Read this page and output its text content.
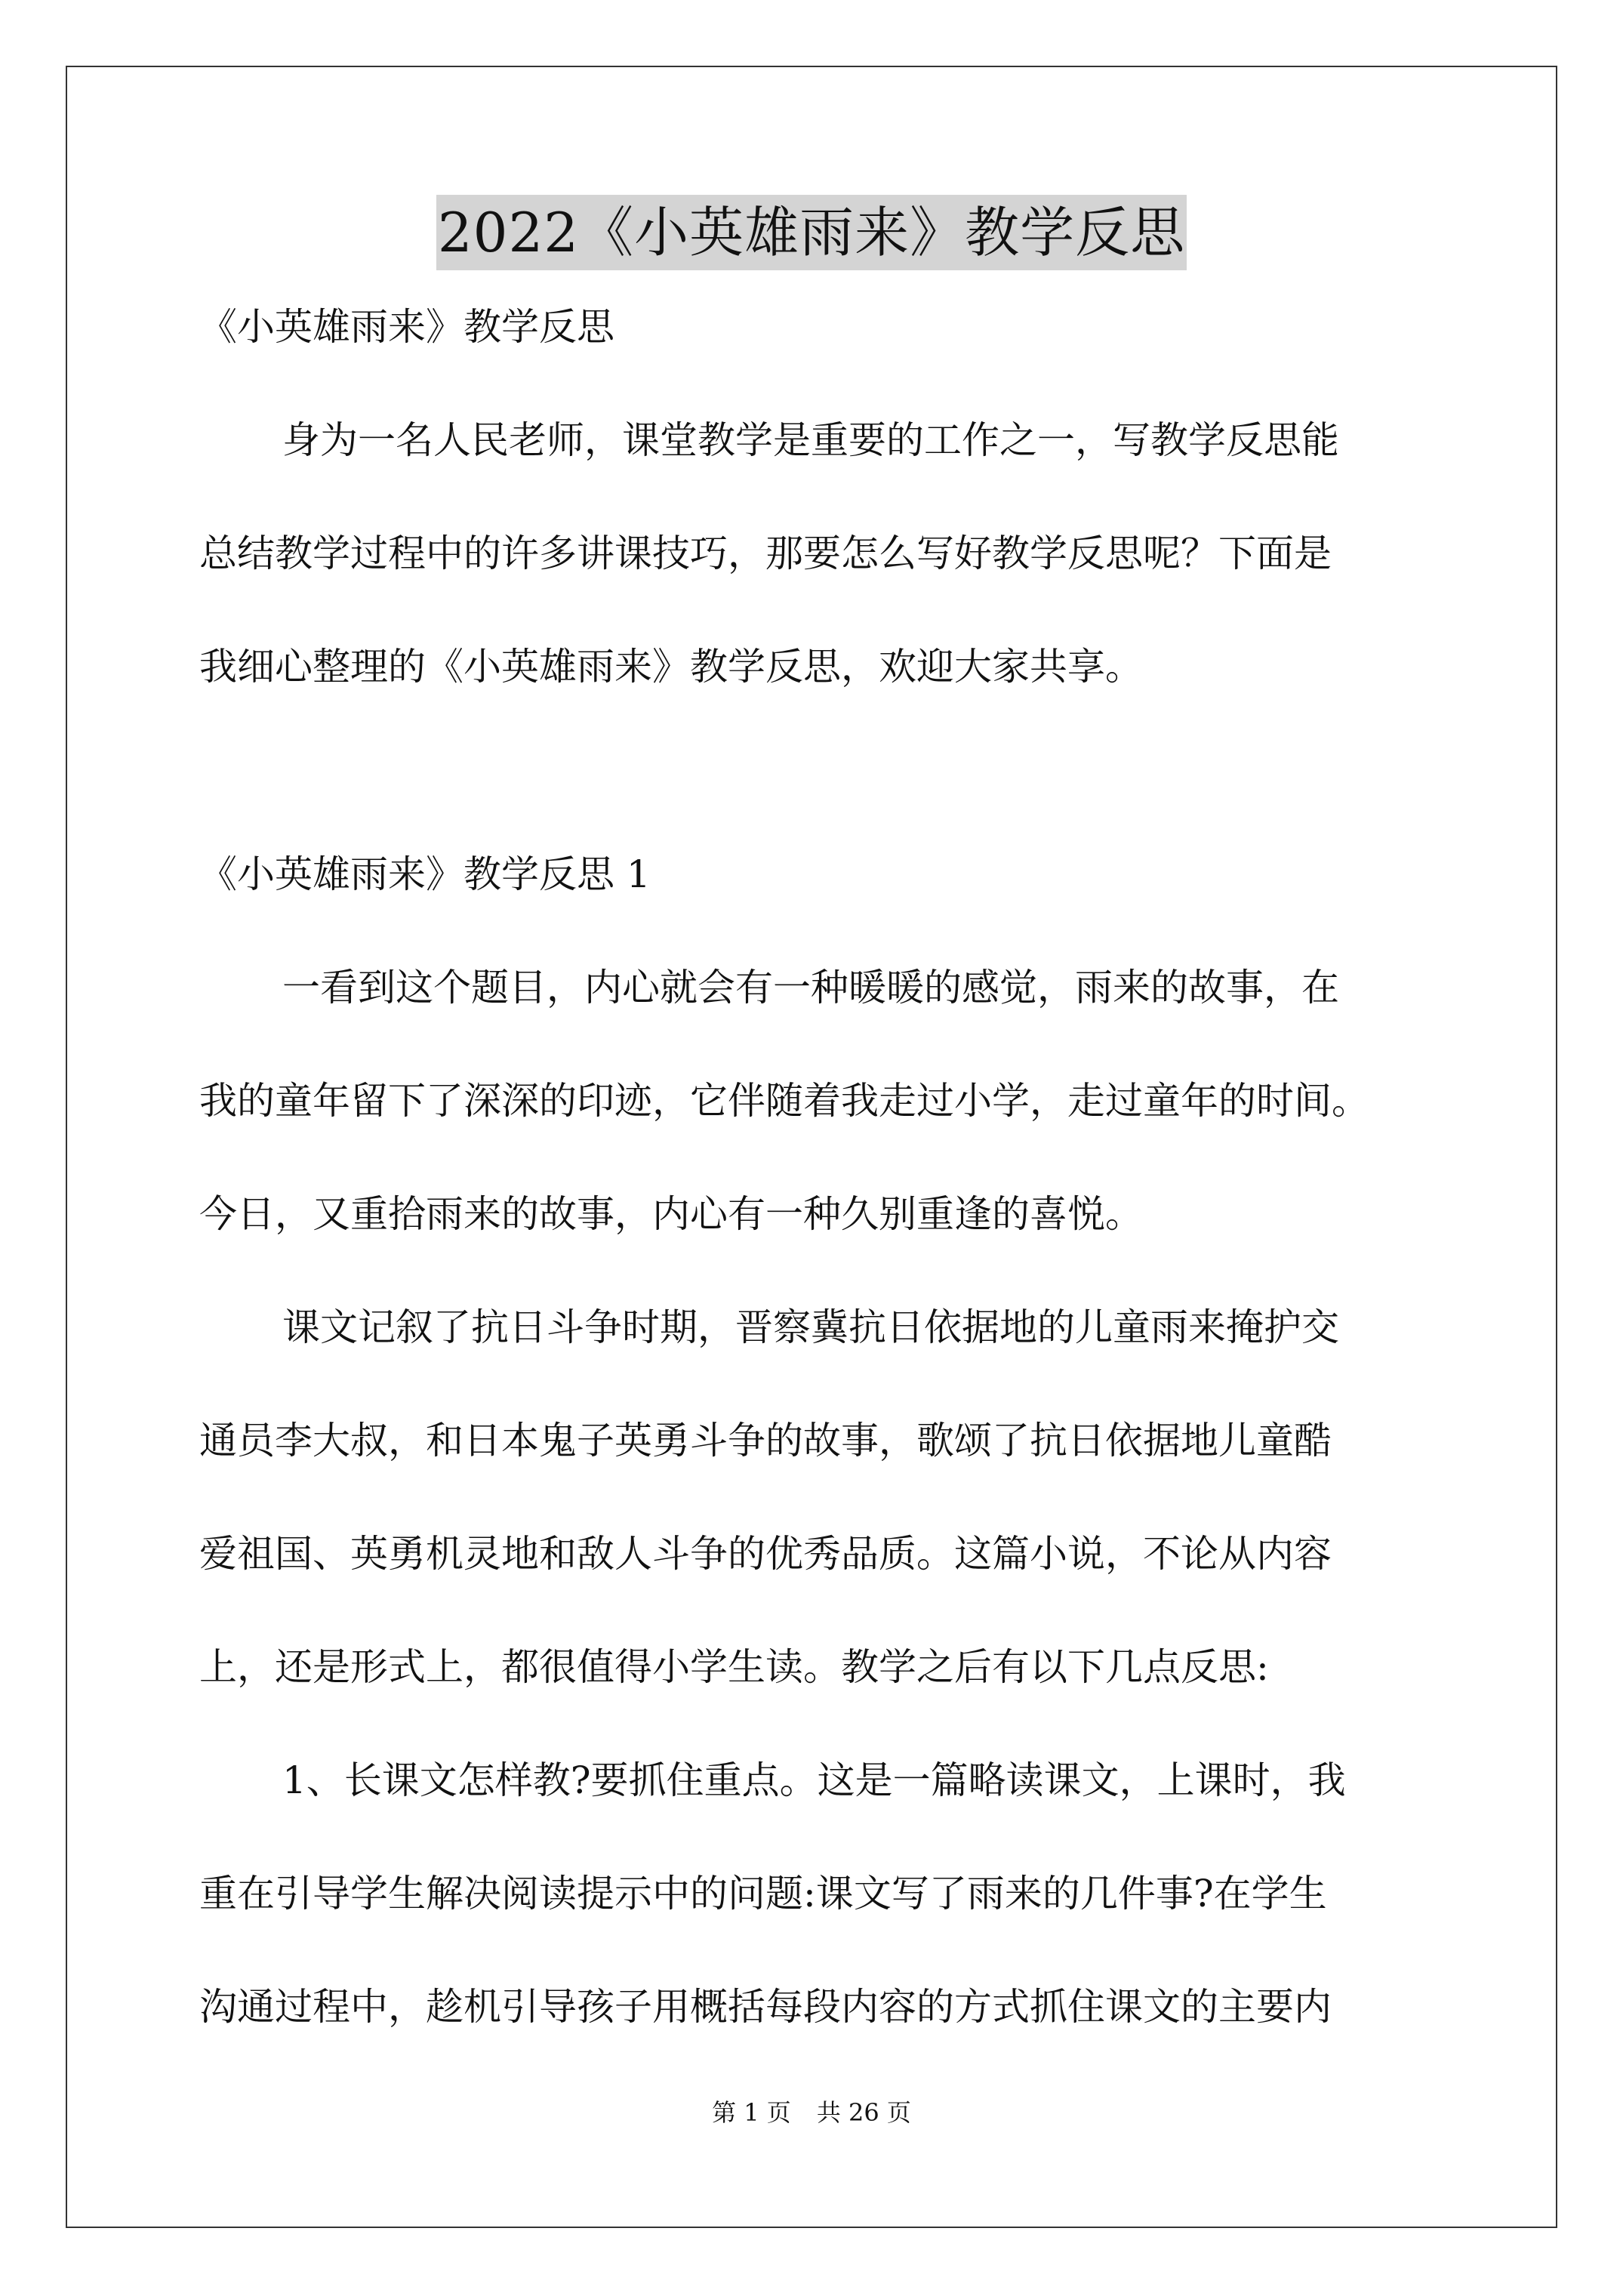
2022《小英雄雨来》教学反思
《小英雄雨来》教学反思
身为一名人民老师，课堂教学是重要的工作之一，写教学反思能
总结教学过程中的许多讲课技巧，那要怎么写好教学反思呢？下面是
我细心整理的《小英雄雨来》教学反思，欢迎大家共享。
《小英雄雨来》教学反思 1
一看到这个题目，内心就会有一种暖暖的感觉，雨来的故事，在
我的童年留下了深深的印迹，它伴随着我走过小学，走过童年的时间。
今日，又重拾雨来的故事，内心有一种久别重逢的喜悦。
课文记叙了抗日斗争时期，晋察冀抗日依据地的儿童雨来掩护交
通员李大叔，和日本鬼子英勇斗争的故事，歌颂了抗日依据地儿童酷
爱祖国、英勇机灵地和敌人斗争的优秀品质。这篇小说，不论从内容
上，还是形式上，都很值得小学生读。教学之后有以下几点反思:
1、长课文怎样教?要抓住重点。这是一篇略读课文，上课时，我
重在引导学生解决阅读提示中的问题:课文写了雨来的几件事?在学生
沟通过程中，趁机引导孩子用概括每段内容的方式抓住课文的主要内
第 1 页 共 26 页
